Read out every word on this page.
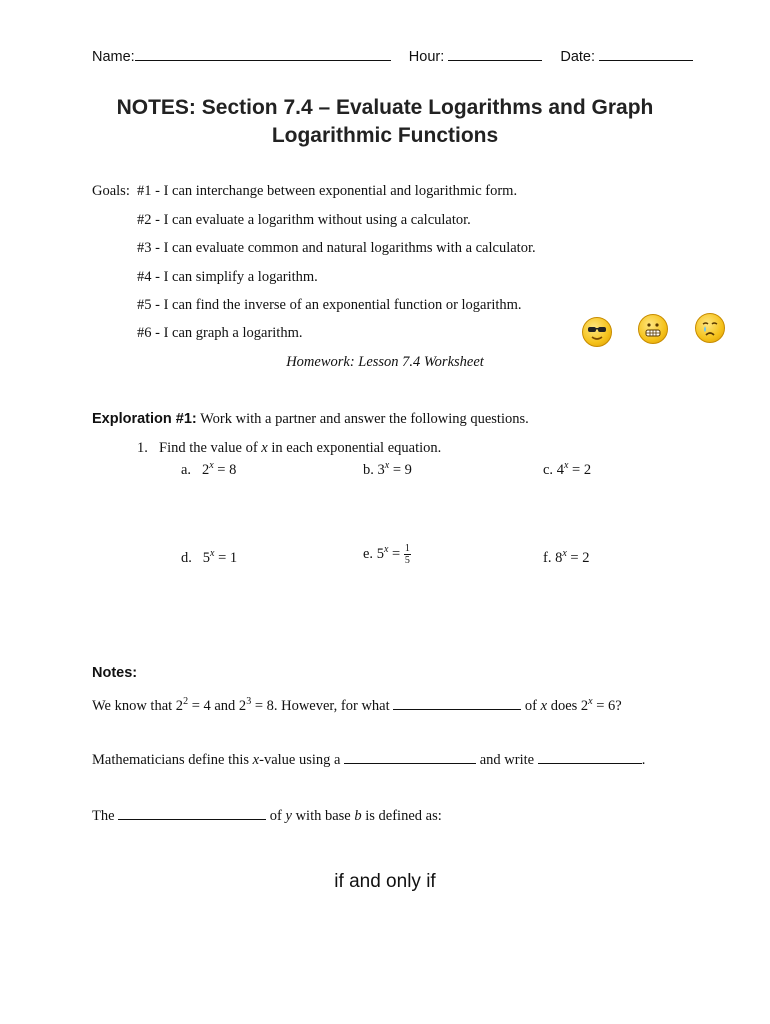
Name:	Hour:	Date:
NOTES: Section 7.4 – Evaluate Logarithms and Graph
Logarithmic Functions
Goals: #1 - I can interchange between exponential and logarithmic form.
#2 - I can evaluate a logarithm without using a calculator.
#3 - I can evaluate common and natural logarithms with a calculator.
#4 - I can simplify a logarithm.
#5 - I can find the inverse of an exponential function or logarithm.
#6 - I can graph a logarithm.
Homework: Lesson 7.4 Worksheet
Exploration #1: Work with a partner and answer the following questions.
1. Find the value of x in each exponential equation.
a. $2^x = 8$	b. $3^x = 9$	c. $4^x = 2$
d. $5^x = 1$	e. $5^x = \frac{1}{5}$	f. $8^x = 2$
Notes:
We know that $2^2 = 4$ and $2^3 = 8$. However, for what	of x does $2^x = 6$?
Mathematicians define this x-value using a	and write	.
The	of y with base b is defined as:
if and only if
